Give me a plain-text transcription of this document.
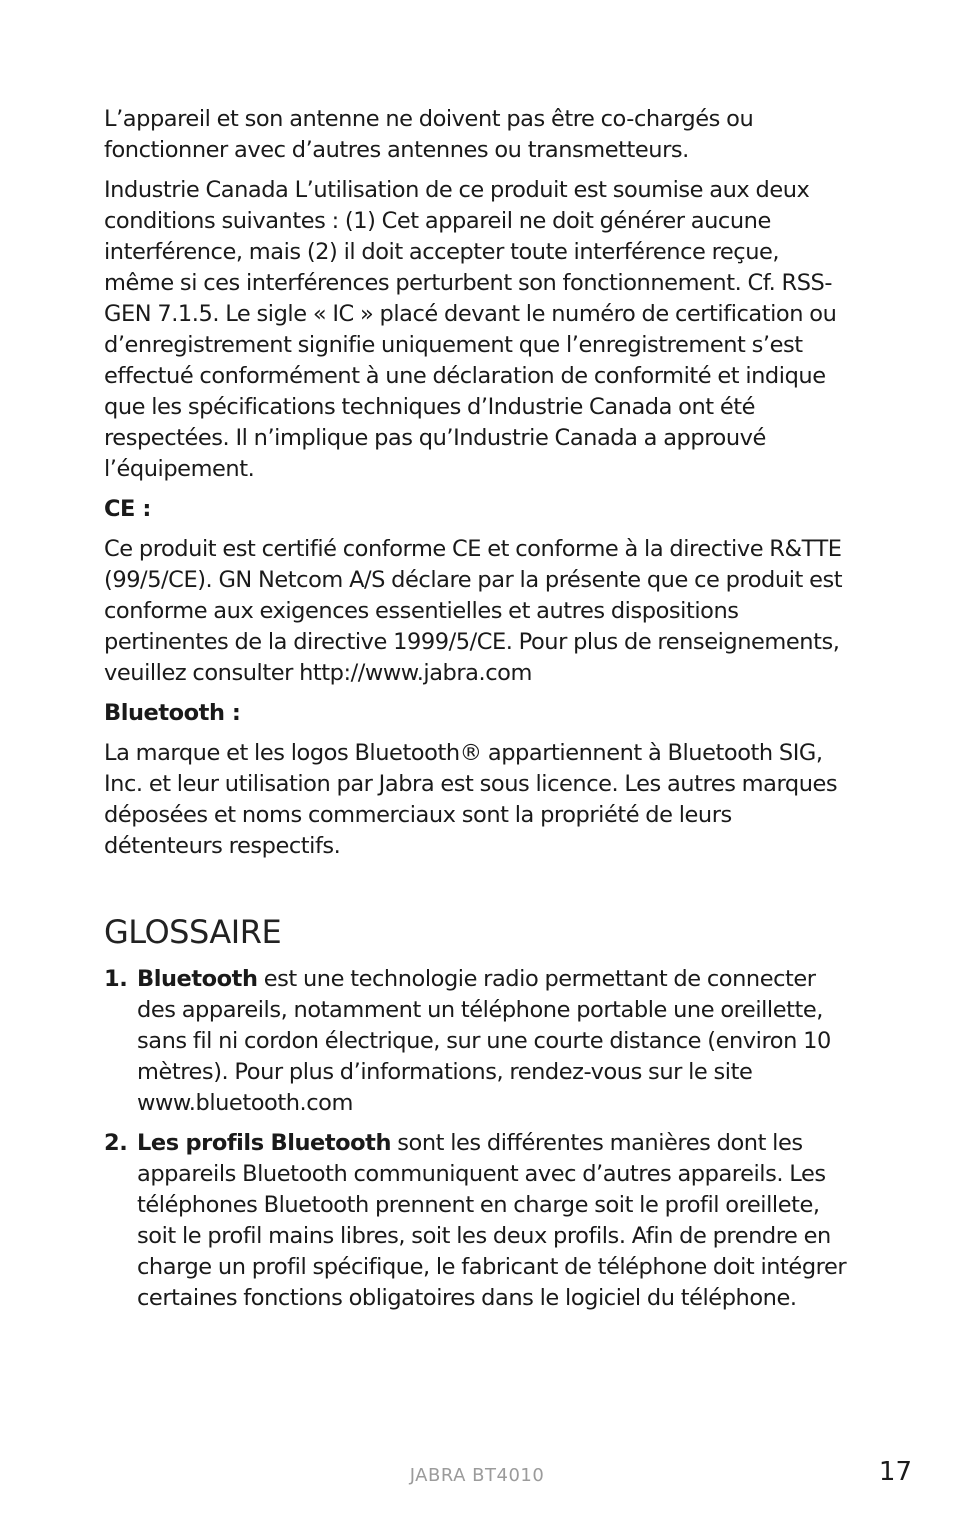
L’appareil et son antenne ne doivent pas être co-chargés ou fonctionner avec d’autres antennes ou transmetteurs.

Industrie Canada L’utilisation de ce produit est soumise aux deux conditions suivantes : (1) Cet appareil ne doit générer aucune interférence, mais (2) il doit accepter toute interférence reçue, même si ces interférences perturbent son fonctionnement. Cf. RSS-GEN 7.1.5. Le sigle « IC » placé devant le numéro de certification ou d’enregistrement signifie uniquement que l’enregistrement s’est effectué conformément à une déclaration de conformité et indique que les spécifications techniques d’Industrie Canada ont été respectées. Il n’implique pas qu’Industrie Canada a approuvé l’équipement.

CE :

Ce produit est certifié conforme CE et conforme à la directive R&TTE (99/5/CE). GN Netcom A/S déclare par la présente que ce produit est conforme aux exigences essentielles et autres dispositions pertinentes de la directive 1999/5/CE. Pour plus de renseignements, veuillez consulter http://www.jabra.com

Bluetooth :

La marque et les logos Bluetooth® appartiennent à Bluetooth SIG, Inc. et leur utilisation par Jabra est sous licence. Les autres marques déposées et noms commerciaux sont la propriété de leurs détenteurs respectifs.

GLOSSAIRE
1. Bluetooth est une technologie radio permettant de connecter des appareils, notamment un téléphone portable une oreillette, sans fil ni cordon électrique, sur une courte distance (environ 10 mètres). Pour plus d’informations, rendez-vous sur le site www.bluetooth.com
2. Les profils Bluetooth sont les différentes manières dont les appareils Bluetooth communiquent avec d’autres appareils. Les téléphones Bluetooth prennent en charge soit le profil oreillete, soit le profil mains libres, soit les deux profils. Afin de prendre en charge un profil spécifique, le fabricant de téléphone doit intégrer certaines fonctions obligatoires dans le logiciel du téléphone.
JABRA BT4010	17
